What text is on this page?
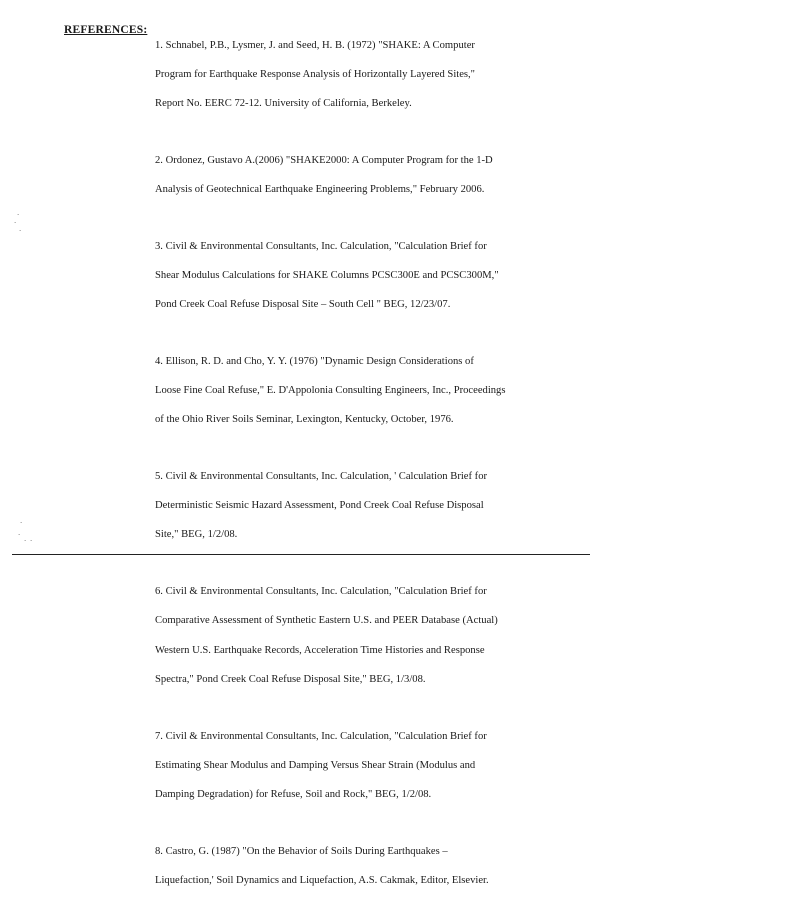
REFERENCES:

1. Schnabel, P.B., Lysmer, J. and Seed, H. B. (1972) "SHAKE: A Computer

Program for Earthquake Response Analysis of Horizontally Layered Sites,"

Report No. EERC 72-12. University of California, Berkeley.

2. Ordonez, Gustavo A.(2006) "SHAKE2000: A Computer Program for the 1-D

Analysis of Geotechnical Earthquake Engineering Problems," February 2006.

3. Civil & Environmental Consultants, Inc. Calculation, "Calculation Brief for

Shear Modulus Calculations for SHAKE Columns PCSC300E and PCSC300M,"

Pond Creek Coal Refuse Disposal Site – South Cell " BEG, 12/23/07.

4. Ellison, R. D. and Cho, Y. Y. (1976) "Dynamic Design Considerations of

Loose Fine Coal Refuse," E. D'Appolonia Consulting Engineers, Inc., Proceedings

of the Ohio River Soils Seminar, Lexington, Kentucky, October, 1976.

5. Civil & Environmental Consultants, Inc. Calculation, ' Calculation Brief for

Deterministic Seismic Hazard Assessment, Pond Creek Coal Refuse Disposal

Site," BEG, 1/2/08.

6. Civil & Environmental Consultants, Inc. Calculation, "Calculation Brief for

Comparative Assessment of Synthetic Eastern U.S. and PEER Database (Actual)

Western U.S. Earthquake Records, Acceleration Time Histories and Response

Spectra," Pond Creek Coal Refuse Disposal Site," BEG, 1/3/08.

7. Civil & Environmental Consultants, Inc. Calculation, "Calculation Brief for

Estimating Shear Modulus and Damping Versus Shear Strain (Modulus and

Damping Degradation) for Refuse, Soil and Rock," BEG, 1/2/08.

8. Castro, G. (1987) "On the Behavior of Soils During Earthquakes –

Liquefaction,' Soil Dynamics and Liquefaction, A.S. Cakmak, Editor, Elsevier.

·
·
·
·
·
· ·
